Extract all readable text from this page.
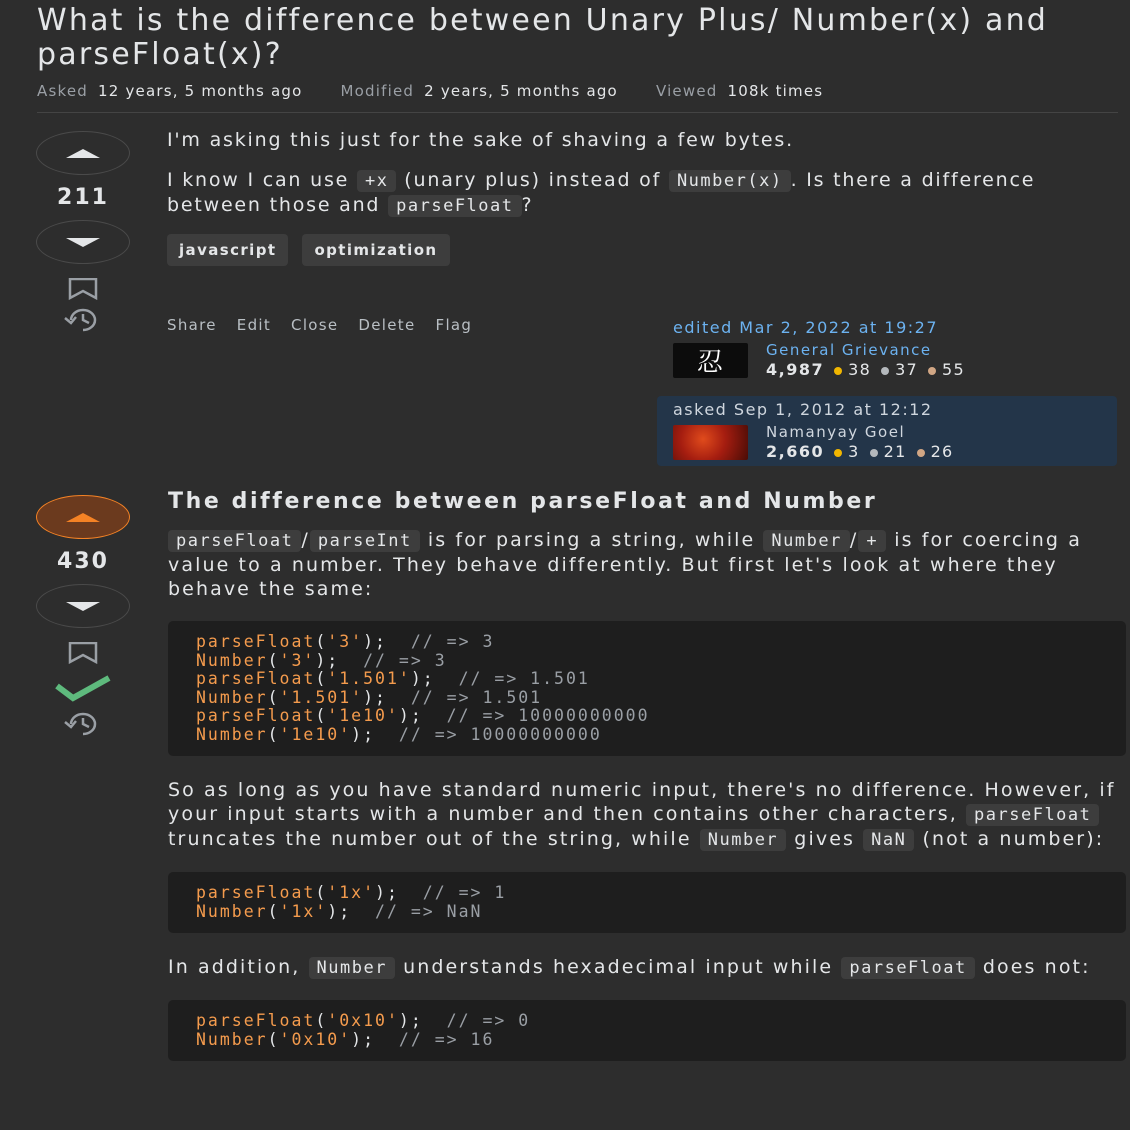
What is the difference between Unary Plus/ Number(x) and parseFloat(x)?
Asked 12 years, 5 months ago	Modified 2 years, 5 months ago	Viewed 108k times
211

I'm asking this just for the sake of shaving a few bytes.

I know I can use +x (unary plus) instead of Number(x) . Is there a difference between those and parseFloat ?

javascript	optimization
Share Edit Close Delete Flag	edited Mar 2, 2022 at 19:27
忍	General Grievance
4,987	38	37	55
asked Sep 1, 2012 at 12:12
Namanyay Goel
2,660	3	21	26
430
The difference between parseFloat and Number

parseFloat / parseInt is for parsing a string, while Number / + is for coercing a value to a number. They behave differently. But first let's look at where they behave the same:

parseFloat('3');  // => 3
Number('3');  // => 3
parseFloat('1.501');  // => 1.501
Number('1.501');  // => 1.501
parseFloat('1e10');  // => 10000000000
Number('1e10');  // => 10000000000

So as long as you have standard numeric input, there's no difference. However, if your input starts with a number and then contains other characters, parseFloat truncates the number out of the string, while Number gives NaN (not a number):

parseFloat('1x');  // => 1
Number('1x');  // => NaN

In addition, Number understands hexadecimal input while parseFloat does not:

parseFloat('0x10');  // => 0
Number('0x10');  // => 16
